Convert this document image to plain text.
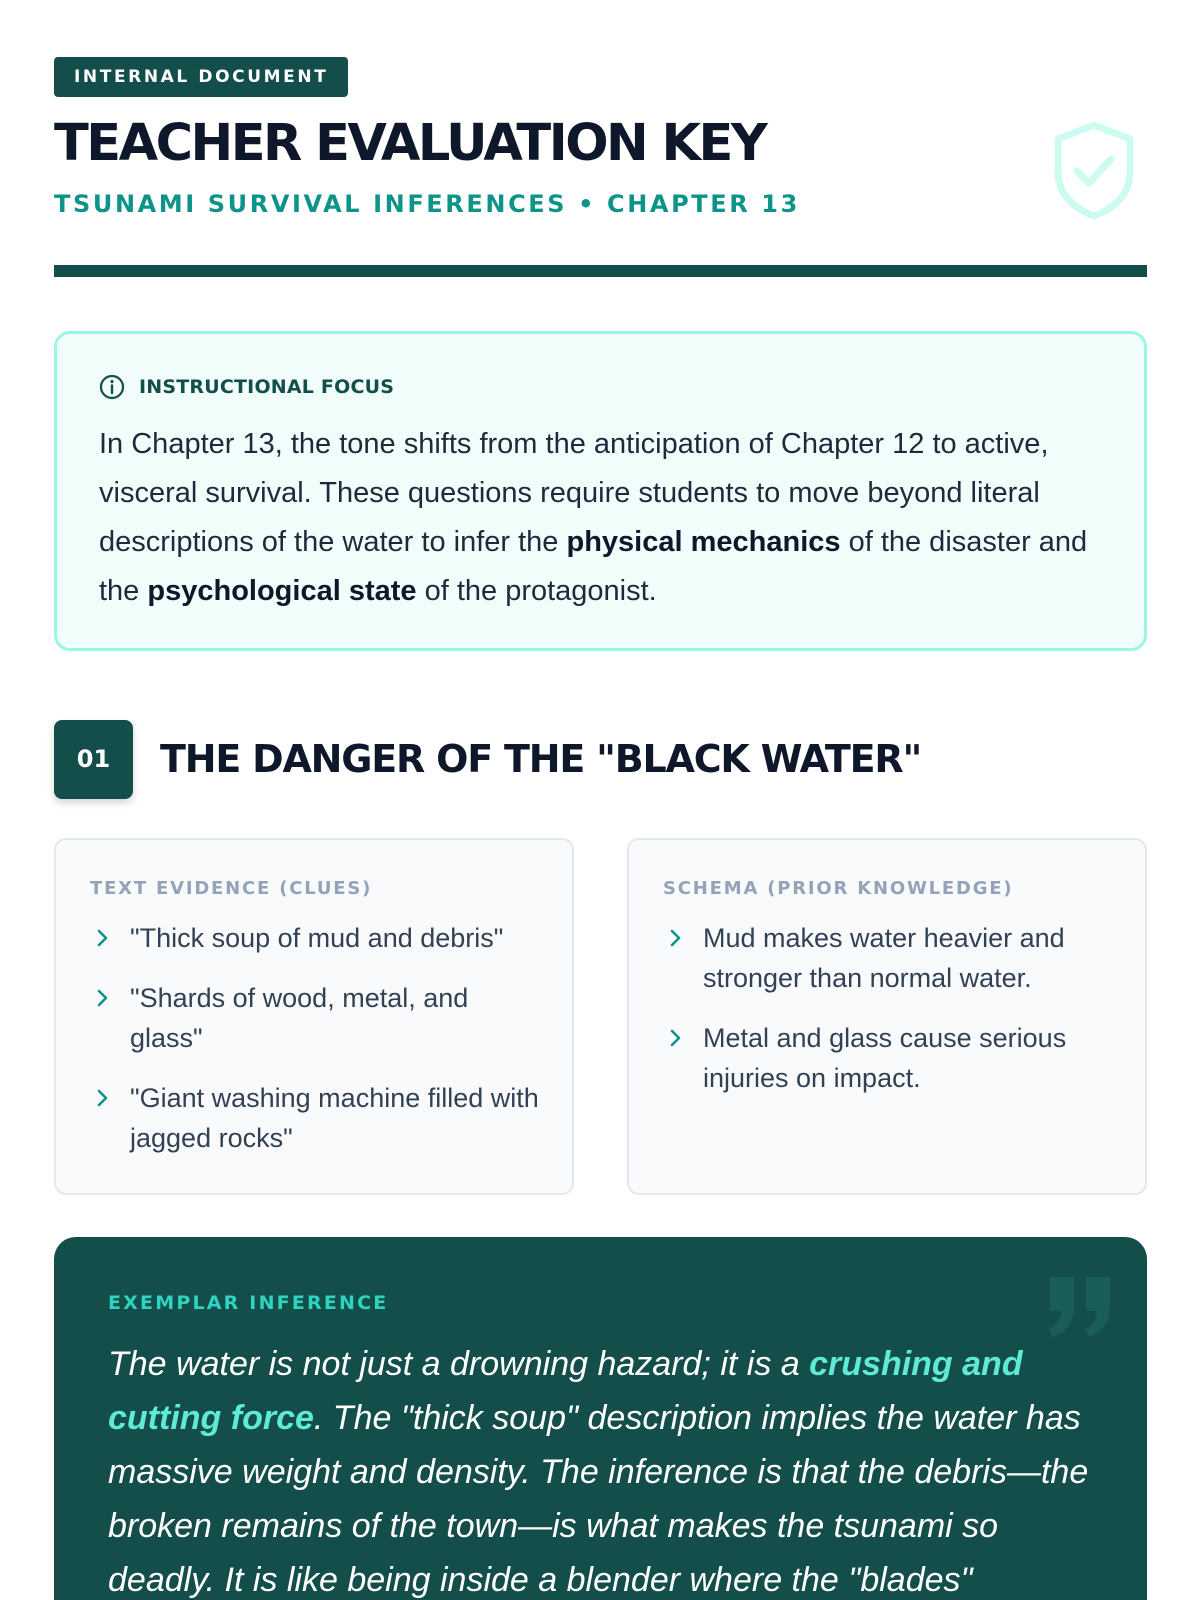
INTERNAL DOCUMENT
TEACHER EVALUATION KEY
TSUNAMI SURVIVAL INFERENCES • CHAPTER 13
INSTRUCTIONAL FOCUS

In Chapter 13, the tone shifts from the anticipation of Chapter 12 to active, visceral survival. These questions require students to move beyond literal descriptions of the water to infer the physical mechanics of the disaster and the psychological state of the protagonist.

01	THE DANGER OF THE "BLACK WATER"
TEXT EVIDENCE (CLUES)
"Thick soup of mud and debris"
"Shards of wood, metal, and glass"
"Giant washing machine filled with jagged rocks"
SCHEMA (PRIOR KNOWLEDGE)
Mud makes water heavier and stronger than normal water.
Metal and glass cause serious injuries on impact.
EXEMPLAR INFERENCE

The water is not just a drowning hazard; it is a crushing and cutting force. The "thick soup" description implies the water has massive weight and density. The inference is that the debris—the broken remains of the town—is what makes the tsunami so deadly. It is like being inside a blender where the "blades"
